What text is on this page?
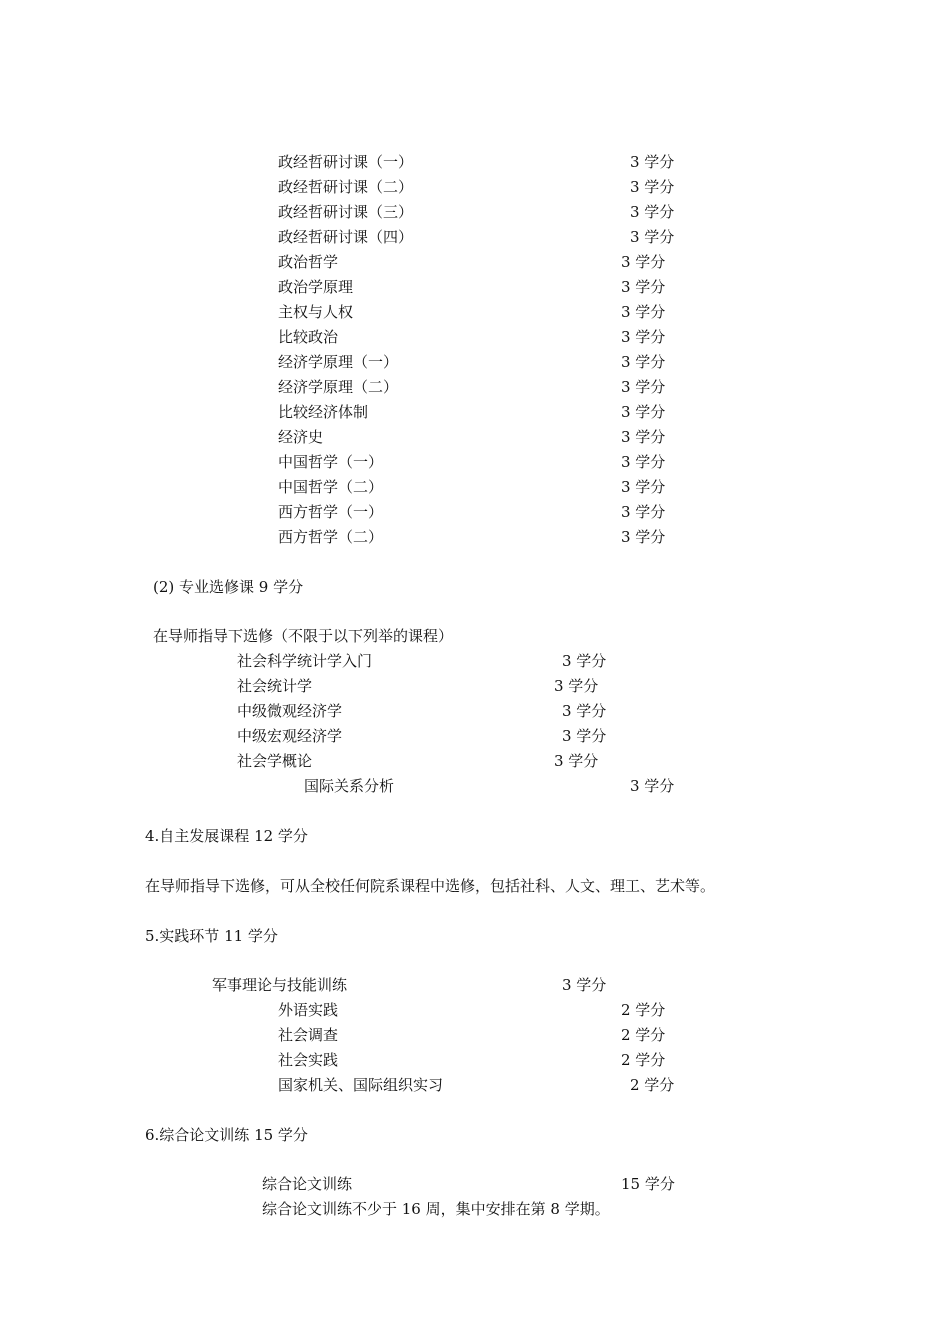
政经哲研讨课（一）	3 学分
政经哲研讨课（二）	3 学分
政经哲研讨课（三）	3 学分
政经哲研讨课（四）	3 学分
政治哲学	3 学分
政治学原理	3 学分
主权与人权	3 学分
比较政治	3 学分
经济学原理（一）	3 学分
经济学原理（二）	3 学分
比较经济体制	3 学分
经济史	3 学分
中国哲学（一）	3 学分
中国哲学（二）	3 学分
西方哲学（一）	3 学分
西方哲学（二）	3 学分
(2) 专业选修课 9 学分
在导师指导下选修（不限于以下列举的课程）
社会科学统计学入门	3 学分
社会统计学	3 学分
中级微观经济学	3 学分
中级宏观经济学	3 学分
社会学概论	3 学分
国际关系分析	3 学分
4.自主发展课程 12 学分
在导师指导下选修，可从全校任何院系课程中选修，包括社科、人文、理工、艺术等。
5.实践环节 11 学分
军事理论与技能训练	3 学分
外语实践	2 学分
社会调查	2 学分
社会实践	2 学分
国家机关、国际组织实习	2 学分
6.综合论文训练 15 学分
综合论文训练	15 学分
综合论文训练不少于 16 周，集中安排在第 8 学期。
